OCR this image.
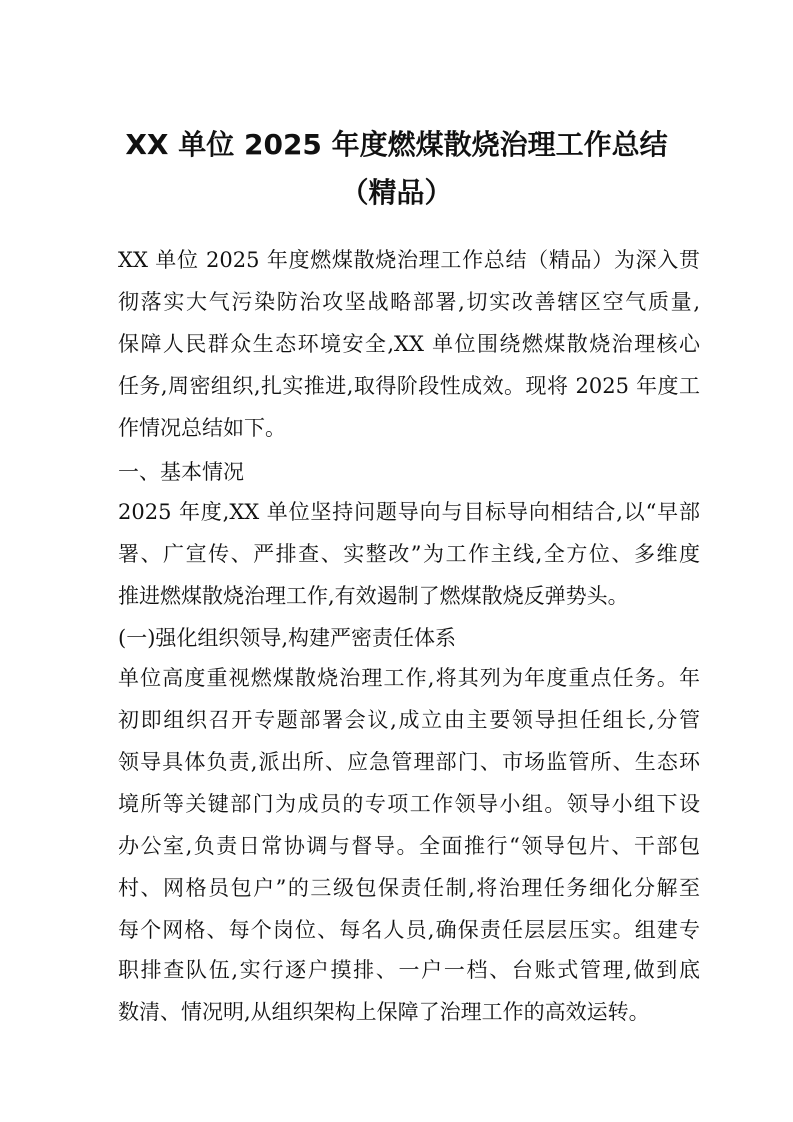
XX 单位 2025 年度燃煤散烧治理工作总结
（精品）
XX 单位 2025 年度燃煤散烧治理工作总结（精品）为深入贯
彻落实大气污染防治攻坚战略部署,切实改善辖区空气质量,
保障人民群众生态环境安全,XX 单位围绕燃煤散烧治理核心
任务,周密组织,扎实推进,取得阶段性成效。现将 2025 年度工
作情况总结如下。
一、基本情况
2025 年度,XX 单位坚持问题导向与目标导向相结合,以“早部
署、广宣传、严排查、实整改”为工作主线,全方位、多维度
推进燃煤散烧治理工作,有效遏制了燃煤散烧反弹势头。
(一)强化组织领导,构建严密责任体系
单位高度重视燃煤散烧治理工作,将其列为年度重点任务。年
初即组织召开专题部署会议,成立由主要领导担任组长,分管
领导具体负责,派出所、应急管理部门、市场监管所、生态环
境所等关键部门为成员的专项工作领导小组。领导小组下设
办公室,负责日常协调与督导。全面推行“领导包片、干部包
村、网格员包户”的三级包保责任制,将治理任务细化分解至
每个网格、每个岗位、每名人员,确保责任层层压实。组建专
职排查队伍,实行逐户摸排、一户一档、台账式管理,做到底
数清、情况明,从组织架构上保障了治理工作的高效运转。
